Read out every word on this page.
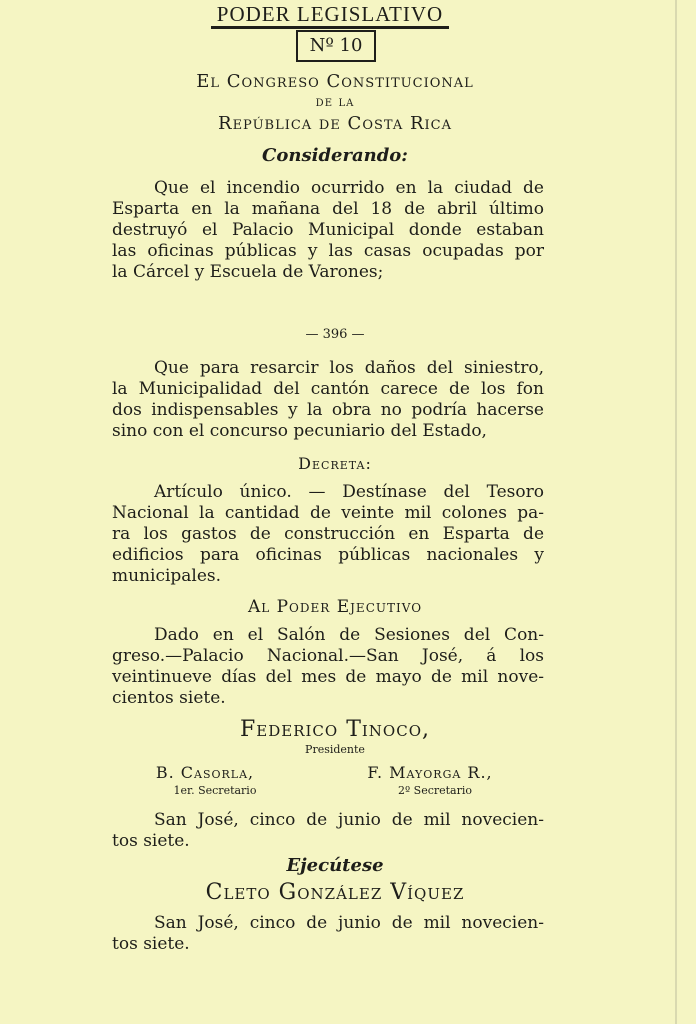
PODER LEGISLATIVO
Nº 10
El Congreso Constitucional
de la
República de Costa Rica
Considerando:
Que el incendio ocurrido en la ciudad de
Esparta en la mañana del 18 de abril último
destruyó el Palacio Municipal donde estaban
las oficinas públicas y las casas ocupadas por
la Cárcel y Escuela de Varones;
— 396 —
Que para resarcir los daños del siniestro,
la Municipalidad del cantón carece de los fon
dos indispensables y la obra no podría hacerse
sino con el concurso pecuniario del Estado,
Decreta:
Artículo único. — Destínase del Tesoro
Nacional la cantidad de veinte mil colones pa-
ra los gastos de construcción en Esparta de
edificios para oficinas públicas nacionales y
municipales.
Al Poder Ejecutivo
Dado en el Salón de Sesiones del Con-
greso.—Palacio Nacional.—San José, á los
veintinueve días del mes de mayo de mil nove-
cientos siete.
Federico Tinoco,
Presidente
B. Casorla,
1er. Secretario
F. Mayorga R.,
2º Secretario
San José, cinco de junio de mil novecien-
tos siete.
Ejecútese
Cleto González Víquez
San José, cinco de junio de mil novecien-
tos siete.
